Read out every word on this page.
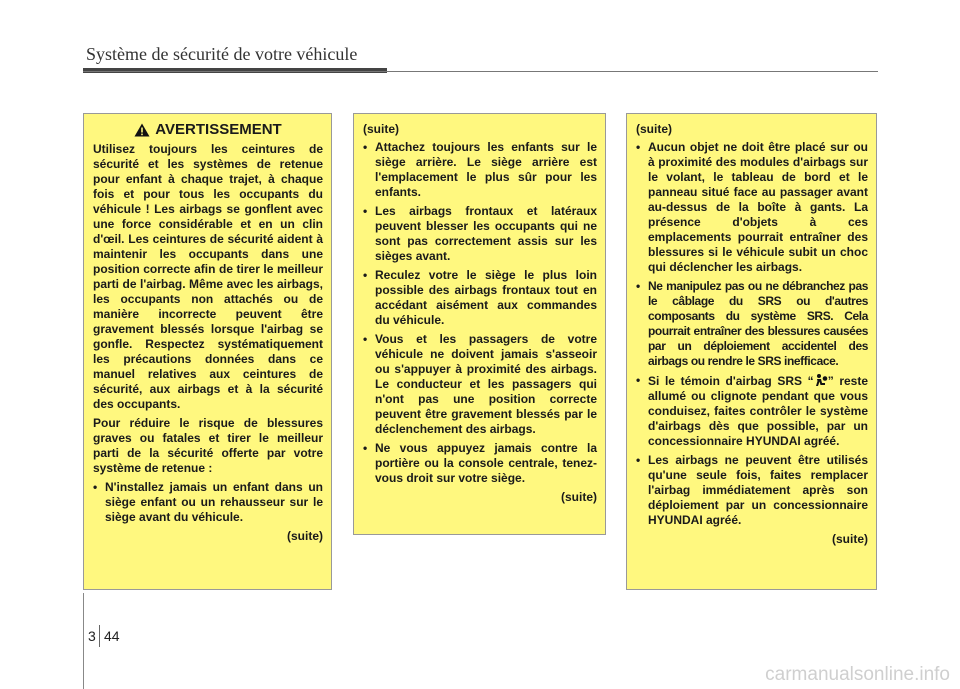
Système de sécurité de votre véhicule
AVERTISSEMENT

Utilisez toujours les ceintures de sécurité et les systèmes de retenue pour enfant à chaque trajet, à chaque fois et pour tous les occupants du véhicule ! Les airbags se gonflent avec une force considérable et en un clin d'œil. Les ceintures de sécurité aident à maintenir les occupants dans une position correcte afin de tirer le meilleur parti de l'airbag. Même avec les airbags, les occupants non attachés ou de manière incorrecte peuvent être gravement blessés lorsque l'airbag se gonfle. Respectez systématiquement les précautions données dans ce manuel relatives aux ceintures de sécurité, aux airbags et à la sécurité des occupants.

Pour réduire le risque de blessures graves ou fatales et tirer le meilleur parti de la sécurité offerte par votre système de retenue :

• N'installez jamais un enfant dans un siège enfant ou un rehausseur sur le siège avant du véhicule.
(suite)
(suite)
• Attachez toujours les enfants sur le siège arrière. Le siège arrière est l'emplacement le plus sûr pour les enfants.
• Les airbags frontaux et latéraux peuvent blesser les occupants qui ne sont pas correctement assis sur les sièges avant.
• Reculez votre le siège le plus loin possible des airbags frontaux tout en accédant aisément aux commandes du véhicule.
• Vous et les passagers de votre véhicule ne doivent jamais s'asseoir ou s'appuyer à proximité des airbags. Le conducteur et les passagers qui n'ont pas une position correcte peuvent être gravement blessés par le déclenchement des airbags.
• Ne vous appuyez jamais contre la portière ou la console centrale, tenez-vous droit sur votre siège.
(suite)
(suite)
• Aucun objet ne doit être placé sur ou à proximité des modules d'airbags sur le volant, le tableau de bord et le panneau situé face au passager avant au-dessus de la boîte à gants. La présence d'objets à ces emplacements pourrait entraîner des blessures si le véhicule subit un choc qui déclencher les airbags.
• Ne manipulez pas ou ne débranchez pas le câblage du SRS ou d'autres composants du système SRS. Cela pourrait entraîner des blessures causées par un déploiement accidentel des airbags ou rendre le SRS inefficace.
• Si le témoin d'airbag SRS “ ” reste allumé ou clignote pendant que vous conduisez, faites contrôler le système d'airbags dès que possible, par un concessionnaire HYUNDAI agréé.
• Les airbags ne peuvent être utilisés qu'une seule fois, faites remplacer l'airbag immédiatement après son déploiement par un concessionnaire HYUNDAI agréé.
(suite)
3 44
carmanualsonline.info
